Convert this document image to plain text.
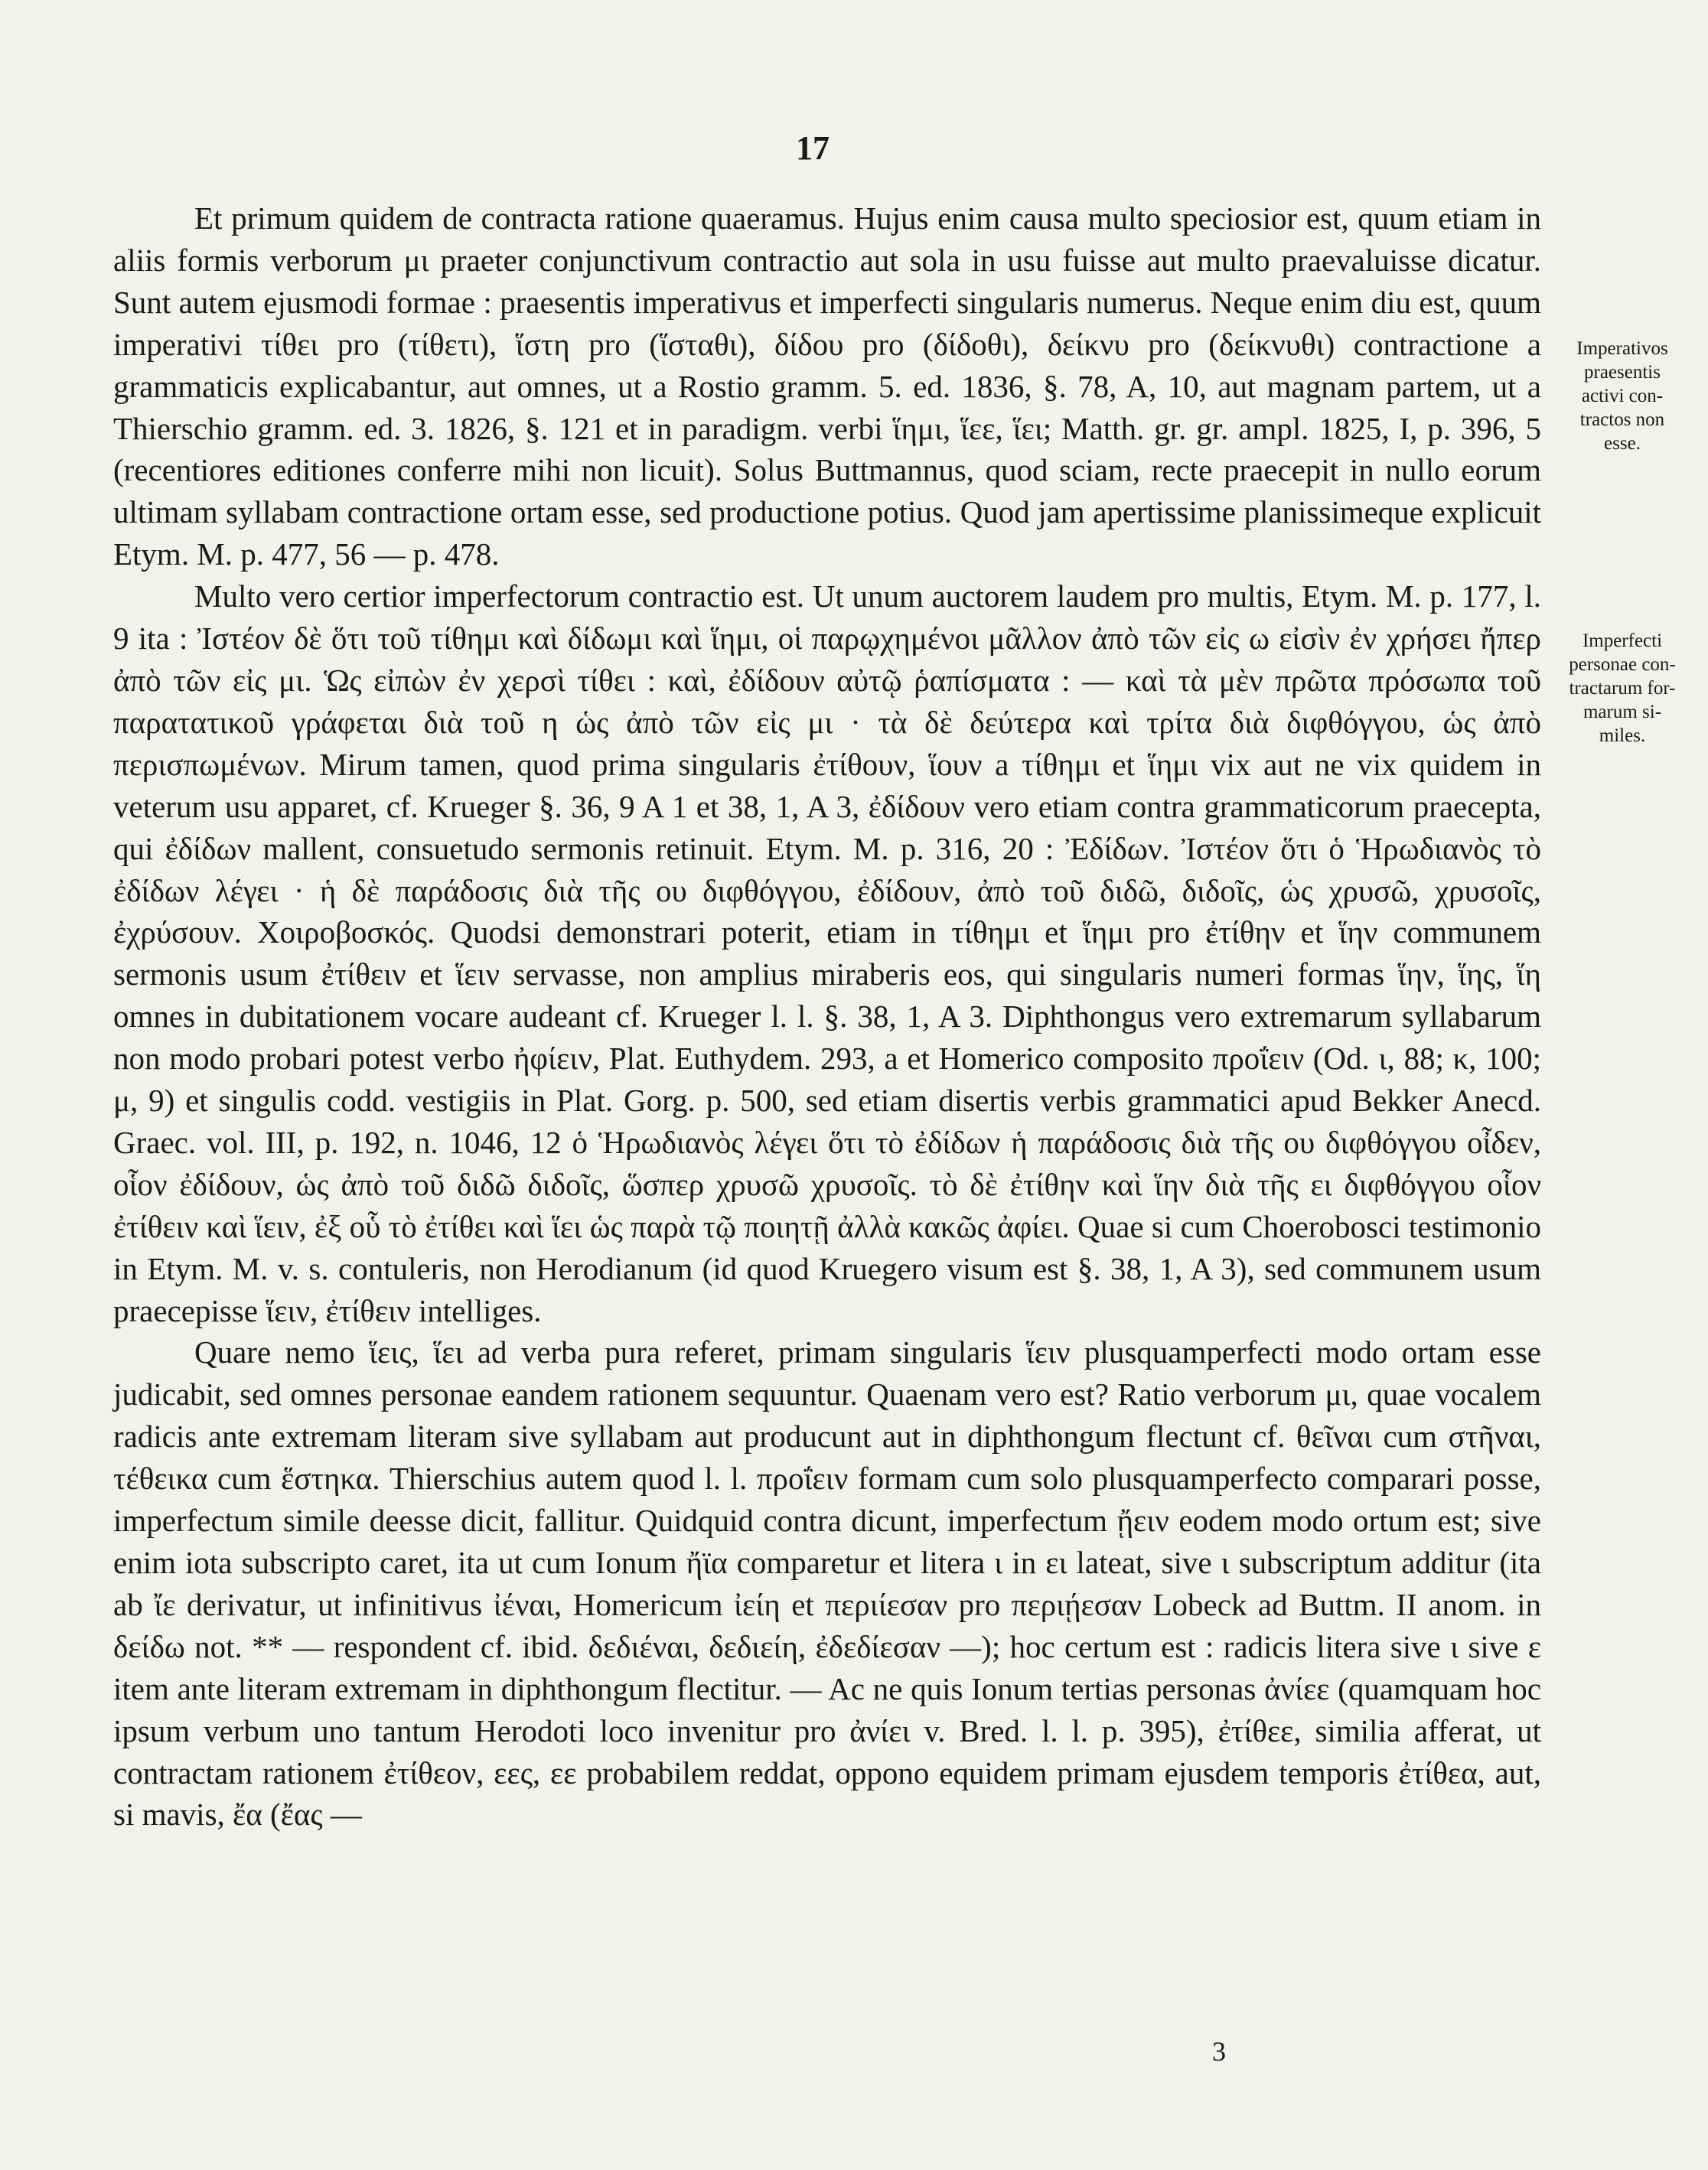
17

Et primum quidem de contracta ratione quaeramus. Hujus enim causa multo speciosior est, quum etiam in aliis formis verborum μι praeter conjunctivum contractio aut sola in usu fuisse aut multo praevaluisse dicatur. Sunt autem ejusmodi formae : praesentis imperativus et imperfecti singularis numerus. Neque enim diu est, quum imperativi τίθει pro (τίθετι), ἵστη pro (ἵσταθι), δίδου pro (δίδοθι), δείκνυ pro (δείκνυθι) contractione a grammaticis explicabantur, aut omnes, ut a Rostio gramm. 5. ed. 1836, §. 78, A, 10, aut magnam partem, ut a Thierschio gramm. ed. 3. 1826, §. 121 et in paradigm. verbi ἵημι, ἵεε, ἵει; Matth. gr. gr. ampl. 1825, I, p. 396, 5 (recentiores editiones conferre mihi non licuit). Solus Buttmannus, quod sciam, recte praecepit in nullo eorum ultimam syllabam contractione ortam esse, sed productione potius. Quod jam apertissime planissimeque explicuit Etym. M. p. 477, 56 — p. 478.

Multo vero certior imperfectorum contractio est. Ut unum auctorem laudem pro multis, Etym. M. p. 177, l. 9 ita : Ἰστέον δὲ ὅτι τοῦ τίθημι καὶ δίδωμι καὶ ἵημι, οἱ παρῳχημένοι μᾶλλον ἀπὸ τῶν εἰς ω εἰσὶν ἐν χρήσει ἤπερ ἀπὸ τῶν εἰς μι. Ὡς εἰπὼν ἐν χερσὶ τίθει : καὶ, ἐδίδουν αὐτῷ ῥαπίσματα : — καὶ τὰ μὲν πρῶτα πρόσωπα τοῦ παρατατικοῦ γράφεται διὰ τοῦ η ὡς ἀπὸ τῶν εἰς μι · τὰ δὲ δεύτερα καὶ τρίτα διὰ διφθόγγου, ὡς ἀπὸ περισπωμένων. Mirum tamen, quod prima singularis ἐτίθουν, ἵουν a τίθημι et ἵημι vix aut ne vix quidem in veterum usu apparet, cf. Krueger §. 36, 9 A 1 et 38, 1, A 3, ἐδίδουν vero etiam contra grammaticorum praecepta, qui ἐδίδων mallent, consuetudo sermonis retinuit. Etym. M. p. 316, 20 : Ἐδίδων. Ἰστέον ὅτι ὁ Ἡρωδιανὸς τὸ ἐδίδων λέγει · ἡ δὲ παράδοσις διὰ τῆς ου διφθόγγου, ἐδίδουν, ἀπὸ τοῦ διδῶ, διδοῖς, ὡς χρυσῶ, χρυσοῖς, ἐχρύσουν. Χοιροβοσκός. Quodsi demonstrari poterit, etiam in τίθημι et ἵημι pro ἐτίθην et ἵην communem sermonis usum ἐτίθειν et ἵειν servasse, non amplius miraberis eos, qui singularis numeri formas ἵην, ἵης, ἵη omnes in dubitationem vocare audeant cf. Krueger l. l. §. 38, 1, A 3. Diphthongus vero extremarum syllabarum non modo probari potest verbo ἠφίειν, Plat. Euthydem. 293, a et Homerico composito προΐειν (Od. ι, 88; κ, 100; μ, 9) et singulis codd. vestigiis in Plat. Gorg. p. 500, sed etiam disertis verbis grammatici apud Bekker Anecd. Graec. vol. III, p. 192, n. 1046, 12 ὁ Ἡρωδιανὸς λέγει ὅτι τὸ ἐδίδων ἡ παράδοσις διὰ τῆς ου διφθόγγου οἶδεν, οἷον ἐδίδουν, ὡς ἀπὸ τοῦ διδῶ διδοῖς, ὥσπερ χρυσῶ χρυσοῖς. τὸ δὲ ἐτίθην καὶ ἵην διὰ τῆς ει διφθόγγου οἷον ἐτίθειν καὶ ἵειν, ἐξ οὗ τὸ ἐτίθει καὶ ἵει ὡς παρὰ τῷ ποιητῇ ἀλλὰ κακῶς ἀφίει. Quae si cum Choerobosci testimonio in Etym. M. v. s. contuleris, non Herodianum (id quod Kruegero visum est §. 38, 1, A 3), sed communem usum praecepisse ἵειν, ἐτίθειν intelliges.

Quare nemo ἵεις, ἵει ad verba pura referet, primam singularis ἵειν plusquamperfecti modo ortam esse judicabit, sed omnes personae eandem rationem sequuntur. Quaenam vero est? Ratio verborum μι, quae vocalem radicis ante extremam literam sive syllabam aut producunt aut in diphthongum flectunt cf. θεῖναι cum στῆναι, τέθεικα cum ἕστηκα. Thierschius autem quod l. l. προΐειν formam cum solo plusquamperfecto comparari posse, imperfectum simile deesse dicit, fallitur. Quidquid contra dicunt, imperfectum ᾔειν eodem modo ortum est; sive enim iota subscripto caret, ita ut cum Ionum ἤϊα comparetur et litera ι in ει lateat, sive ι subscriptum additur (ita ab ἴε derivatur, ut infinitivus ἰέναι, Homericum ἰείη et περιίεσαν pro περιῄεσαν Lobeck ad Buttm. II anom. in δείδω not. ** — respondent cf. ibid. δεδιέναι, δεδιείη, ἐδεδίεσαν —); hoc certum est : radicis litera sive ι sive ε item ante literam extremam in diphthongum flectitur. — Ac ne quis Ionum tertias personas ἀνίεε (quamquam hoc ipsum verbum uno tantum Herodoti loco invenitur pro ἀνίει v. Bred. l. l. p. 395), ἐτίθεε, similia afferat, ut contractam rationem ἐτίθεον, εες, εε probabilem reddat, oppono equidem primam ejusdem temporis ἐτίθεα, aut, si mavis, ἔα (ἔας —

Imperativos
praesentis
activi con-
tractos non
esse.
Imperfecti
personae con-
tractarum for-
marum si-
miles.
3
